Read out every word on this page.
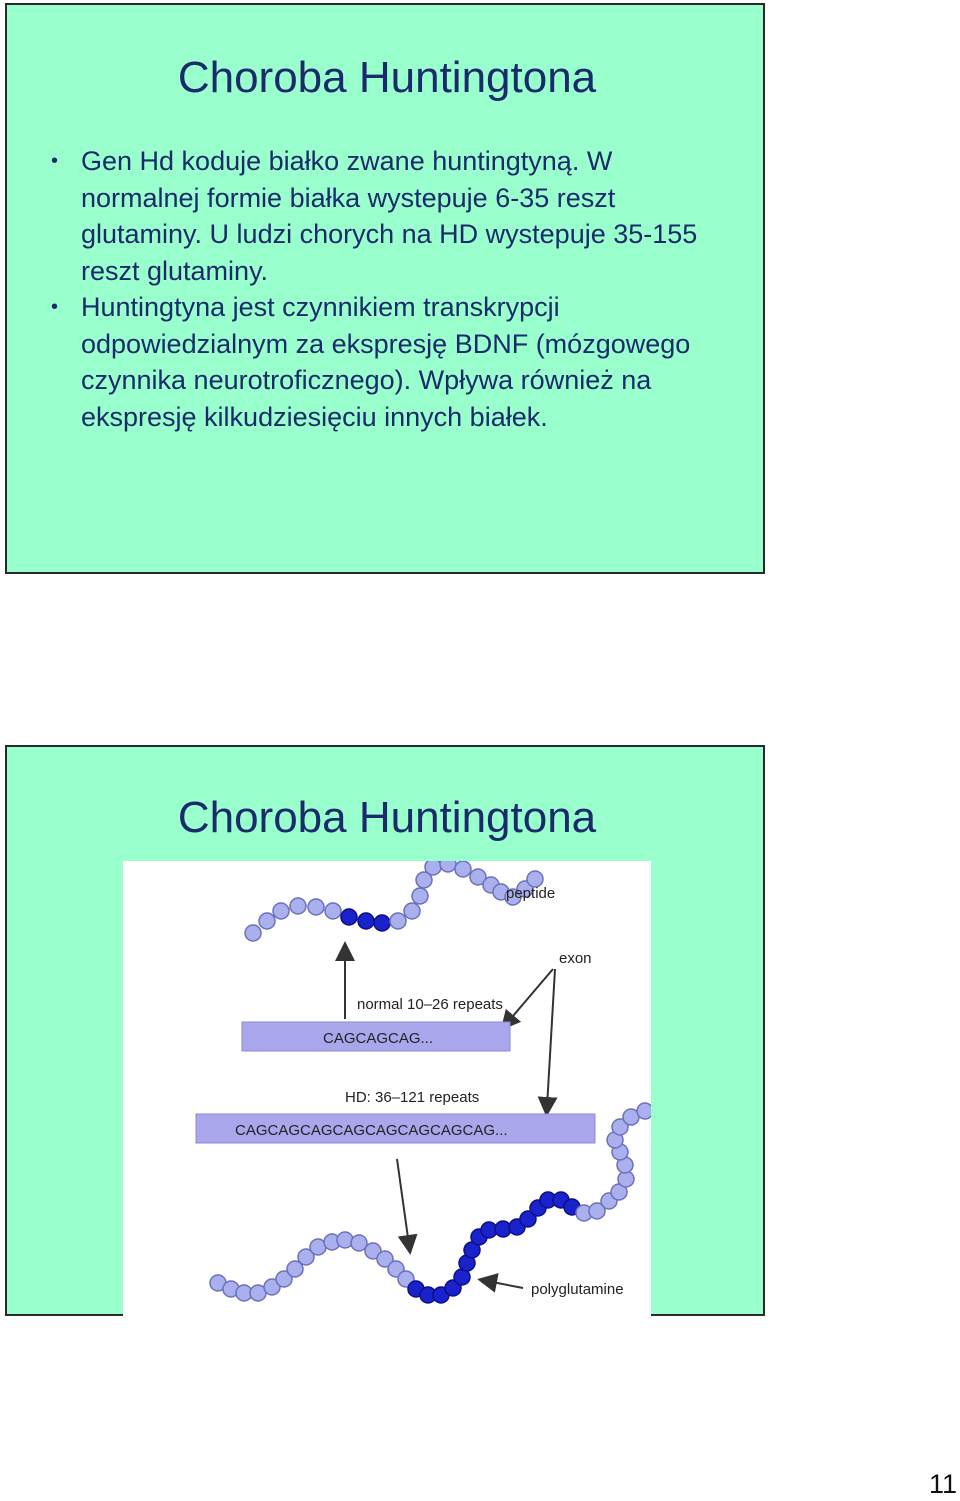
Choroba Huntingtona
• Gen Hd koduje białko zwane huntingtyną. W normalnej formie białka wystepuje 6-35 reszt glutaminy. U ludzi chorych na HD wystepuje 35-155 reszt glutaminy.
• Huntingtyna jest czynnikiem transkrypcji odpowiedzialnym za ekspresję BDNF (mózgowego czynnika neurotroficznego). Wpływa również na ekspresję kilkudziesięciu innych białek.
Choroba Huntingtona
peptide
exon
normal 10–26 repeats
CAGCAGCAG...
HD: 36–121 repeats
CAGCAGCAGCAGCAGCAGCAGCAG...
polyglutamine
11
